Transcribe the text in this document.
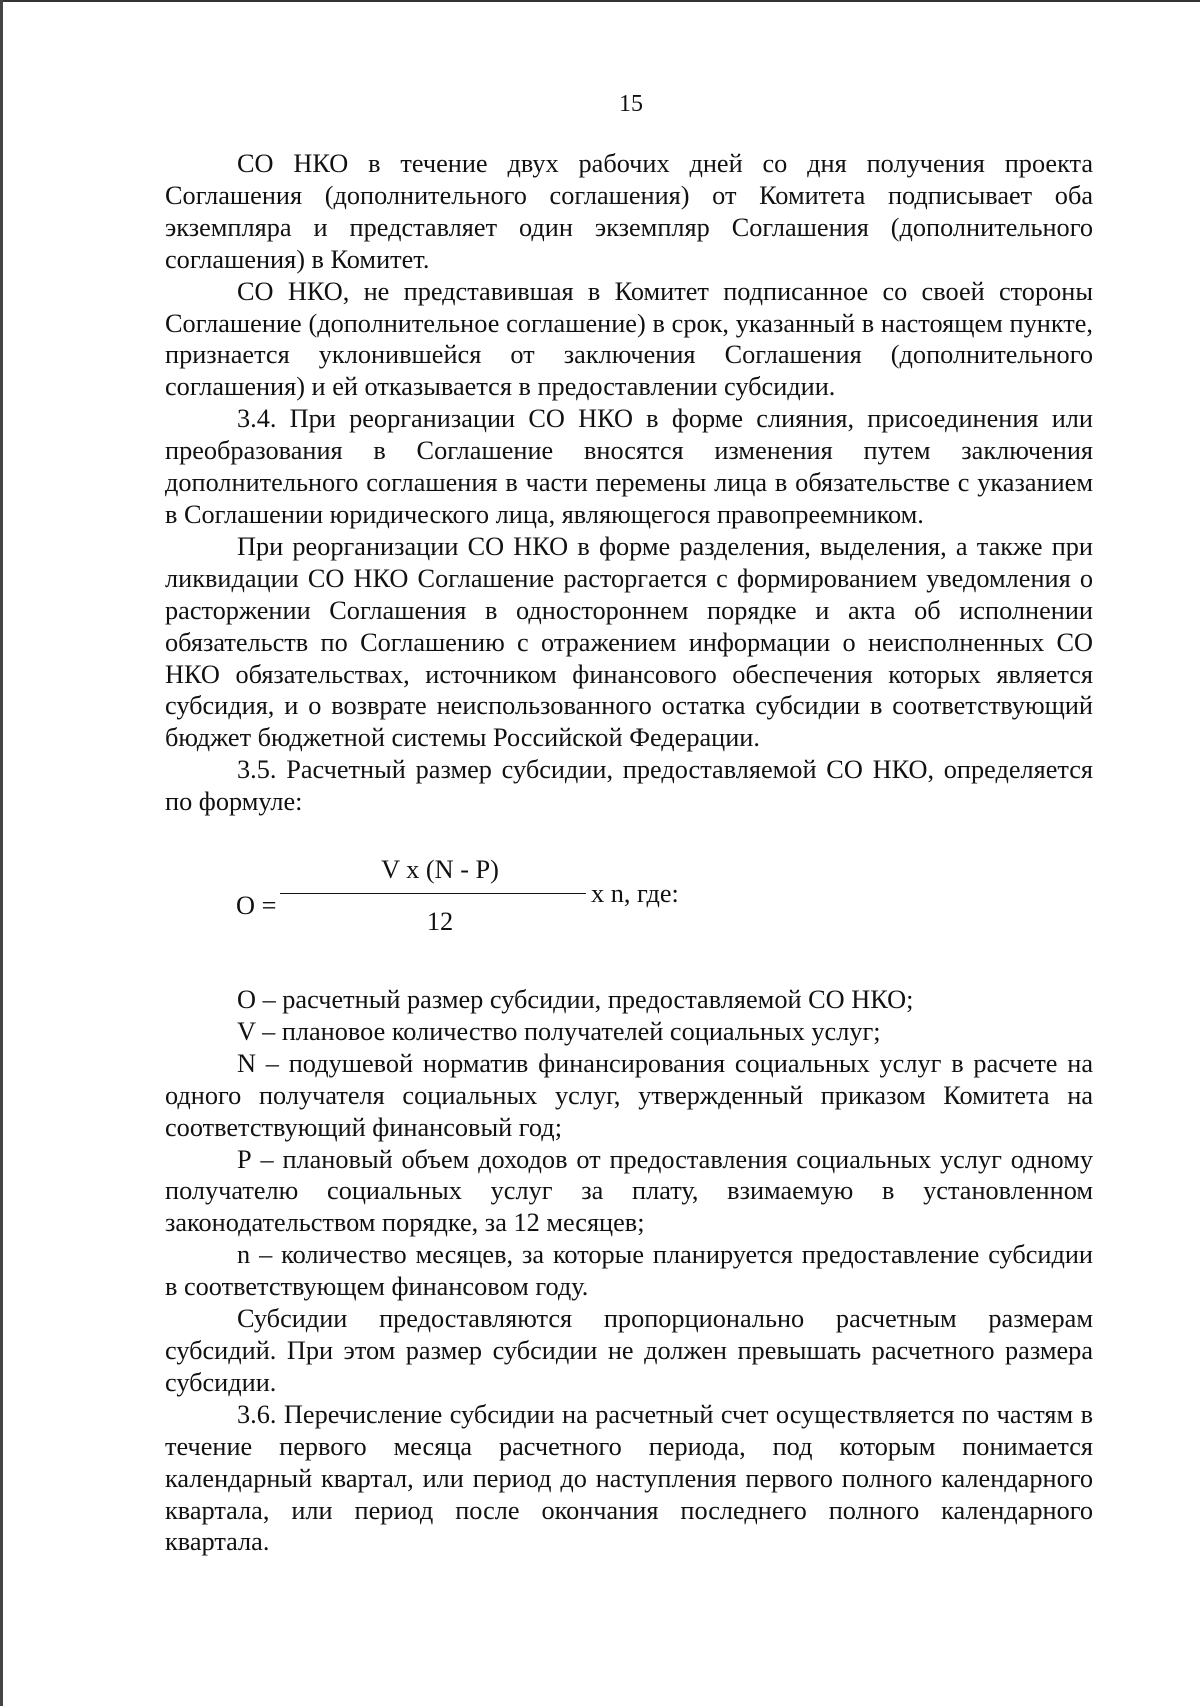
15

СО НКО в течение двух рабочих дней со дня получения проекта Соглашения (дополнительного соглашения) от Комитета подписывает оба экземпляра и представляет один экземпляр Соглашения (дополнительного соглашения) в Комитет.

СО НКО, не представившая в Комитет подписанное со своей стороны Соглашение (дополнительное соглашение) в срок, указанный в настоящем пункте, признается уклонившейся от заключения Соглашения (дополнительного соглашения) и ей отказывается в предоставлении субсидии.

3.4. При реорганизации СО НКО в форме слияния, присоединения или преобразования в Соглашение вносятся изменения путем заключения дополнительного соглашения в части перемены лица в обязательстве с указанием в Соглашении юридического лица, являющегося правопреемником.

При реорганизации СО НКО в форме разделения, выделения, а также при ликвидации СО НКО Соглашение расторгается с формированием уведомления о расторжении Соглашения в одностороннем порядке и акта об исполнении обязательств по Соглашению с отражением информации о неисполненных СО НКО обязательствах, источником финансового обеспечения которых является субсидия, и о возврате неиспользованного остатка субсидии в соответствующий бюджет бюджетной системы Российской Федерации.

3.5. Расчетный размер субсидии, предоставляемой СО НКО, определяется по формуле:

О =
V x (N - P)
12
x n, где:

О – расчетный размер субсидии, предоставляемой СО НКО;

V – плановое количество получателей социальных услуг;

N – подушевой норматив финансирования социальных услуг в расчете на одного получателя социальных услуг, утвержденный приказом Комитета на соответствующий финансовый год;

Р – плановый объем доходов от предоставления социальных услуг одному получателю социальных услуг за плату, взимаемую в установленном законодательством порядке, за 12 месяцев;

n – количество месяцев, за которые планируется предоставление субсидии в соответствующем финансовом году.

Субсидии предоставляются пропорционально расчетным размерам субсидий. При этом размер субсидии не должен превышать расчетного размера субсидии.

3.6. Перечисление субсидии на расчетный счет осуществляется по частям в течение первого месяца расчетного периода, под которым понимается календарный квартал, или период до наступления первого полного календарного квартала, или период после окончания последнего полного календарного квартала.
